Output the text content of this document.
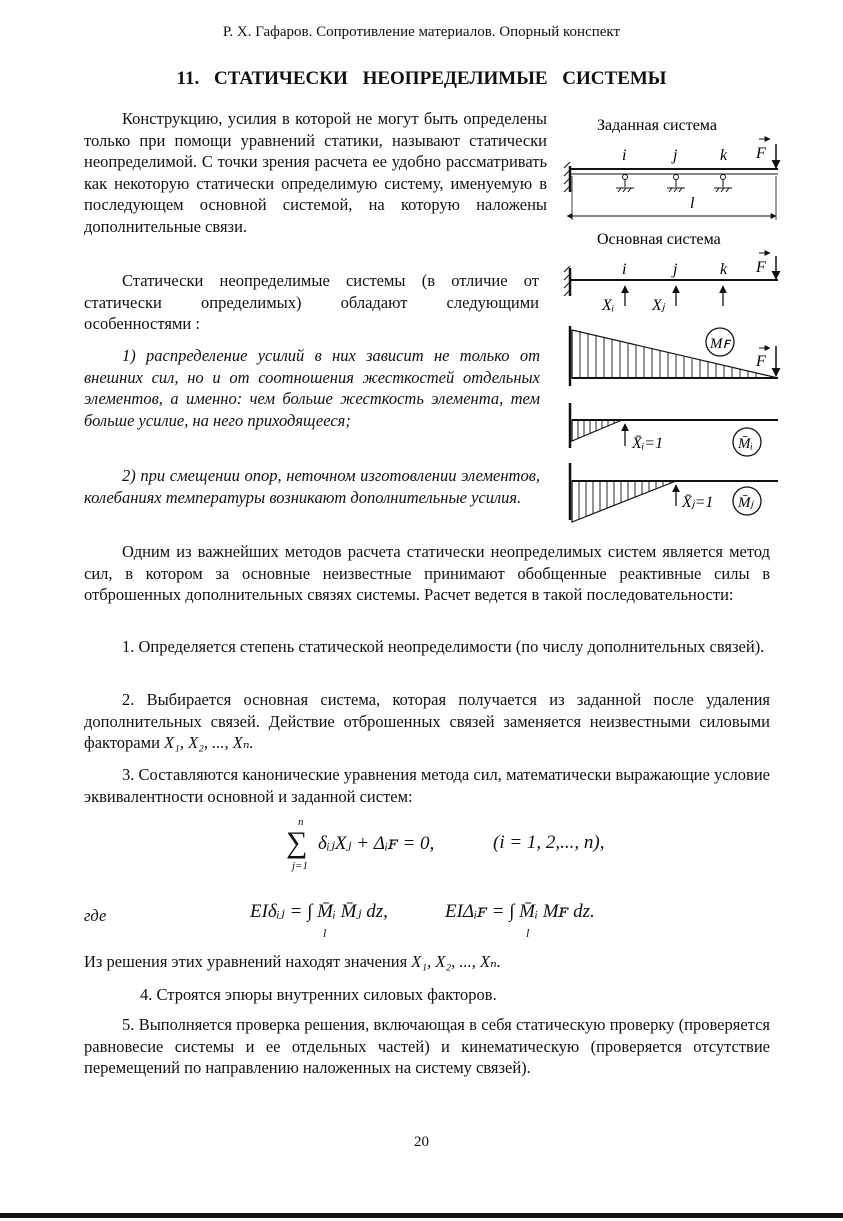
Р. Х. Гафаров. Сопротивление материалов. Опорный конспект
11. СТАТИЧЕСКИ НЕОПРЕДЕЛИМЫЕ СИСТЕМЫ
Конструкцию, усилия в которой не могут быть определены только при помощи уравнений статики, называют статически неопределимой. С точки зрения расчета ее удобно рассматривать как некоторую статически определимую систему, именуемую в последующем основной системой, на которую наложены дополнительные связи.
Статически неопределимые системы (в отличие от статически определимых) обладают следующими особенностями :
1) распределение усилий в них зависит не только от внешних сил, но и от соотношения жесткостей отдельных элементов, а именно: чем больше жесткость элемента, тем больше усилие, на него приходящееся;
2) при смещении опор, неточном изготовлении элементов, колебаниях температуры возникают дополнительные усилия.
Заданная система
i	j	k F
l
Основная система
i	j	k F
Xᵢ Xⱼ
Mꜰ
F
X̄ᵢ=1	M̄ᵢ
X̄ⱼ=1 M̄ⱼ
Одним из важнейших методов расчета статически неопределимых систем является метод сил, в котором за основные неизвестные принимают обобщенные реактивные силы в отброшенных дополнительных связях системы. Расчет ведется в такой последовательности:
1. Определяется степень статической неопределимости (по числу дополнительных связей).
2. Выбирается основная система, которая получается из заданной после удаления дополнительных связей. Действие отброшенных связей заменяется неизвестными силовыми факторами X₁, X₂, ..., Xₙ.
3. Составляются канонические уравнения метода сил, математически выражающие условие эквивалентности основной и заданной систем:
n
∑
j=1
δᵢⱼXⱼ + Δᵢꜰ = 0,	(i = 1, 2,..., n),
где	EIδᵢⱼ = ∫ M̄ᵢ M̄ⱼ dz,
l
EIΔᵢꜰ = ∫ M̄ᵢ Mꜰ dz.
l
Из решения этих уравнений находят значения X₁, X₂, ..., Xₙ.
4. Строятся эпюры внутренних силовых факторов.
5. Выполняется проверка решения, включающая в себя статическую проверку (проверяется равновесие системы и ее отдельных частей) и кинематическую (проверяется отсутствие перемещений по направлению наложенных на систему связей).
20
